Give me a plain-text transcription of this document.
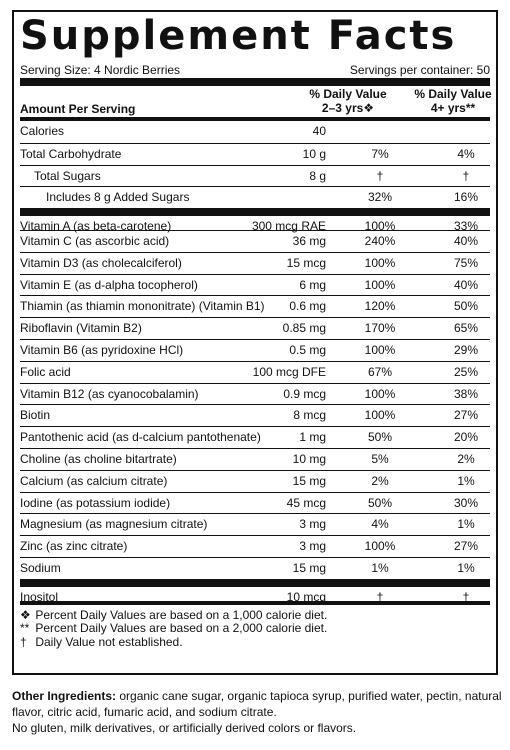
Supplement Facts
Serving Size: 4 Nordic Berries	Servings per container: 50
Amount Per Serving
% Daily Value
2–3 yrs❖
% Daily Value
4+ yrs**
Calories	40
Total Carbohydrate	10 g	7%	4%
Total Sugars	8 g	†	†
Includes 8 g Added Sugars	32%	16%
Vitamin A (as beta-carotene)	300 mcg RAE	100%	33%
Vitamin C (as ascorbic acid)	36 mg	240%	40%
Vitamin D3 (as cholecalciferol)	15 mcg	100%	75%
Vitamin E (as d-alpha tocopherol)	6 mg	100%	40%
Thiamin (as thiamin mononitrate) (Vitamin B1) 0.6 mg	120%	50%
Riboflavin (Vitamin B2)	0.85 mg	170%	65%
Vitamin B6 (as pyridoxine HCl)	0.5 mg	100%	29%
Folic acid	100 mcg DFE	67%	25%
Vitamin B12 (as cyanocobalamin)	0.9 mcg	100%	38%
Biotin	8 mcg	100%	27%
Pantothenic acid (as d-calcium pantothenate)	1 mg	50%	20%
Choline (as choline bitartrate)	10 mg	5%	2%
Calcium (as calcium citrate)	15 mg	2%	1%
Iodine (as potassium iodide)	45 mcg	50%	30%
Magnesium (as magnesium citrate)	3 mg	4%	1%
Zinc (as zinc citrate)	3 mg	100%	27%
Sodium	15 mg	1%	1%
Inositol	10 mcg	†	†
❖ Percent Daily Values are based on a 1,000 calorie diet.
** Percent Daily Values are based on a 2,000 calorie diet.
† Daily Value not established.
Other Ingredients: organic cane sugar, organic tapioca syrup, purified water, pectin, natural flavor, citric acid, fumaric acid, and sodium citrate.
No gluten, milk derivatives, or artificially derived colors or flavors.
